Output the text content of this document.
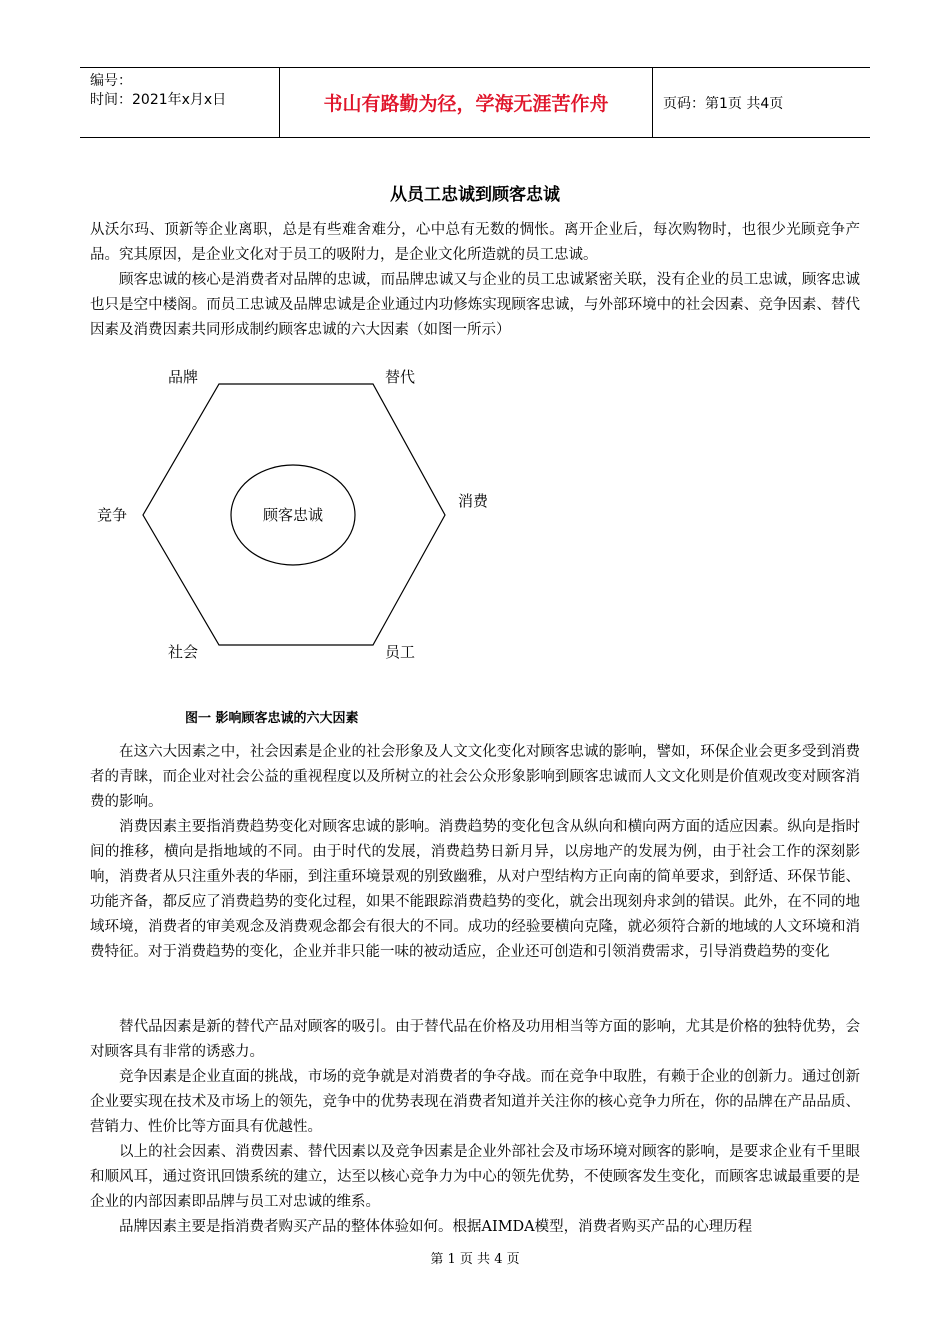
编号：
时间：2021年x月x日	书山有路勤为径，学海无涯苦作舟	页码：第1页 共4页
从员工忠诚到顾客忠诚

从沃尔玛、顶新等企业离职，总是有些难舍难分，心中总有无数的惆怅。离开企业后，每次购物时，也很少光顾竞争产品。究其原因，是企业文化对于员工的吸附力，是企业文化所造就的员工忠诚。

　　顾客忠诚的核心是消费者对品牌的忠诚，而品牌忠诚又与企业的员工忠诚紧密关联，没有企业的员工忠诚，顾客忠诚也只是空中楼阁。而员工忠诚及品牌忠诚是企业通过内功修炼实现顾客忠诚，与外部环境中的社会因素、竞争因素、替代因素及消费因素共同形成制约顾客忠诚的六大因素（如图一所示）

顾客忠诚
品牌	替代
竞争
消费
社会	员工
图一 影响顾客忠诚的六大因素

　　在这六大因素之中，社会因素是企业的社会形象及人文文化变化对顾客忠诚的影响，譬如，环保企业会更多受到消费者的青睐，而企业对社会公益的重视程度以及所树立的社会公众形象影响到顾客忠诚而人文文化则是价值观改变对顾客消费的影响。

　　消费因素主要指消费趋势变化对顾客忠诚的影响。消费趋势的变化包含从纵向和横向两方面的适应因素。纵向是指时间的推移，横向是指地域的不同。由于时代的发展，消费趋势日新月异，以房地产的发展为例，由于社会工作的深刻影响，消费者从只注重外表的华丽，到注重环境景观的别致幽雅，从对户型结构方正向南的简单要求，到舒适、环保节能、功能齐备，都反应了消费趋势的变化过程，如果不能跟踪消费趋势的变化，就会出现刻舟求剑的错误。此外，在不同的地域环境，消费者的审美观念及消费观念都会有很大的不同。成功的经验要横向克隆，就必须符合新的地域的人文环境和消费特征。对于消费趋势的变化，企业并非只能一味的被动适应，企业还可创造和引领消费需求，引导消费趋势的变化

　　替代品因素是新的替代产品对顾客的吸引。由于替代品在价格及功用相当等方面的影响，尤其是价格的独特优势，会对顾客具有非常的诱惑力。

　　竞争因素是企业直面的挑战，市场的竞争就是对消费者的争夺战。而在竞争中取胜，有赖于企业的创新力。通过创新企业要实现在技术及市场上的领先，竞争中的优势表现在消费者知道并关注你的核心竞争力所在，你的品牌在产品品质、营销力、性价比等方面具有优越性。

　　以上的社会因素、消费因素、替代因素以及竞争因素是企业外部社会及市场环境对顾客的影响，是要求企业有千里眼和顺风耳，通过资讯回馈系统的建立，达至以核心竞争力为中心的领先优势，不使顾客发生变化，而顾客忠诚最重要的是企业的内部因素即品牌与员工对忠诚的维系。

　　品牌因素主要是指消费者购买产品的整体体验如何。根据AIMDA模型，消费者购买产品的心理历程

第 1 页 共 4 页
